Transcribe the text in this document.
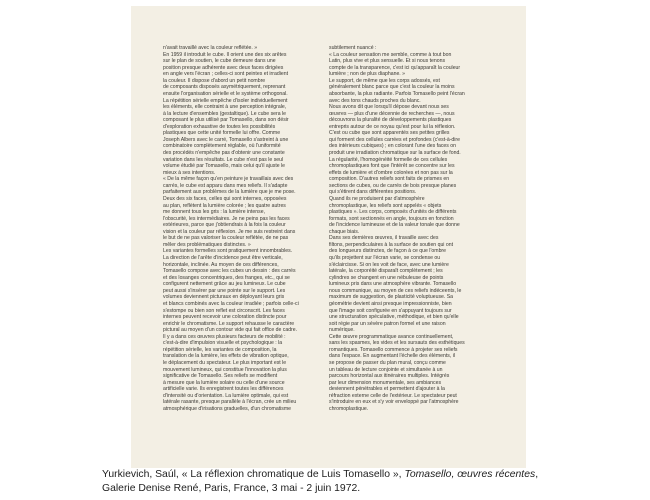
n'avait travaillé avec la couleur reflétée. »
En 1959 il introduit le cube. Il orient une des six arêtes
sur le plan de soutien, le cube demeure dans une
position presque adhérente avec deux faces dirigées
en angle vers l'écran ; celles-ci sont peintes et irradient
la couleur. Il dispose d'abord un petit nombre
de composants disposés asymétriquement, reprenant
ensuite l'organisation sérielle et le système orthogonal.
La répétition sérielle empêche d'isoler individuellement
les éléments, elle contraint à une perception intégrale,
à la lecture d'ensembles (gestaltique). Le cube sera le
composant le plus utilisé par Tomasello, dans son désir
d'exploration exhaustive de toutes les possibilités
plastiques que cette unité formelle lui offre. Comme
Joseph Albers avec le carré, Tomasello s'astreint à une
combinatoire complètement réglable, où l'uniformité
des procédés n'empêche pas d'obtenir une constante
variation dans les résultats. Le cube n'est pas le seul
volume étudié par Tomasello, mais celui qu'il ajuste le
mieux à ses intentions.
« De la même façon qu'en peinture je travaillais avec des
carrés, le cube est apparu dans mes reliefs. Il s'adapte
parfaitement aux problèmes de la lumière que je me pose.
Deux des six faces, celles qui sont internes, opposées
au plan, reflètent la lumière colorée ; les quatre autres
me donnent tous les gris : la lumière intense,
l'obscurité, les intermédiaires. Je ne peins pas les faces
extérieures, parce que j'obtiendrais à la fois la couleur
vision et la couleur par réflexion. Je me suis restreint dans
le but de ne pas valoriser la couleur reflétée, de ne pas
mêler des problématiques distinctes. »
Les variantes formelles sont pratiquement innombrables.
La direction de l'arête d'incidence peut être verticale,
horizontale, inclinée. Au moyen de ces différences,
Tomasello compose avec les cubes un dessin : des carrés
et des losanges concentriques, des franges, etc., qui se
configurent nettement grâce au jeu lumineux. Le cube
peut aussi s'insérer par une pointe sur le support. Les
volumes deviennent picturaux en déployant leurs gris
et blancs combinés avec la couleur irradiée ; parfois celle-ci
s'estompe ou bien son reflet est circonscrit. Les faces
internes peuvent recevoir une coloration distincte pour
enrichir le chromatisme. Le support rehausse le caractère
pictural au moyen d'un contour vide qui fait office de cadre.
Il y a dans ces œuvres plusieurs facteurs de mobilité :
c'est-à-dire d'impulsion visuelle et psychologique : la
répétition sérielle, les variantes de composition, la
translation de la lumière, les effets de vibration optique,
le déplacement du spectateur. Le plus important est le
mouvement lumineux, qui constitue l'innovation la plus
significative de Tomasello. Ses reliefs se modifient
à mesure que la lumière solaire ou celle d'une source
artificielle varie. Ils enregistrent toutes les différences
d'intensité ou d'orientation. La lumière optimale, qui est
latérale rasante, presque parallèle à l'écran, crée un milieu
atmosphérique d'irisations graduelles, d'un chromatisme
subtilement nuancé :
« La couleur sensation me semble, comme à tout bon
Latin, plus vive et plus sensuelle. Et si nous tenons
compte de la transparence, c'est ici qu'apparaît la couleur
lumière ; non de plus diaphane. »
Le support, de même que les corps adossés, est
généralement blanc parce que c'est la couleur la moins
absorbante, la plus radiante. Parfois Tomasello peint l'écran
avec des tons chauds proches du blanc.
Nous avons dit que lorsqu'il dépose devant nous ses
œuvres — plus d'une décennie de recherches —, nous
découvrons la pluralité de développements plastiques
entrepris autour de ce noyau qu'est pour lui la réflexion.
C'est ou cube que sont apparentés ses petites grilles
qui forment des cellules carrées et profondes (c'est-à-dire
des intérieurs cubiques) ; en colorant l'une des faces on
produit une irradiation chromatique sur la surface de fond.
La régularité, l'homogénéité formelle de ces cellules
chromoplastiques font que l'intérêt se concentre sur les
effets de lumière et d'ombre colorées et non pas sur la
composition. D'autres reliefs sont faits de prismes en
sections de cubes, ou de carrés de bois presque planes
qui s'étirent dans différentes positions.
Quand ils ne produisent par d'atmosphère
chromoplastique, les reliefs sont appelés « objets
plastiques ». Les corps, composés d'unités de différents
formats, sont sectionnés en angle, toujours en fonction
de l'incidence lumineuse et de la valeur tonale que donne
chaque biais.
Dans ses dernières œuvres, il travaille avec des
filtons, perpendiculaires à la surface de soutien qui ont
des longueurs distinctes, de façon à ce que l'ombre
qu'ils projettent sur l'écran varie, se condense ou
s'éclaircisse. Si on les voit de face, avec une lumière
latérale, la corporéité disparaît complètement ; les
cylindres se changent en une nébuleuse de points
lumineux pris dans une atmosphère vibrante. Tomasello
nous communique, au moyen de ces reliefs indéceents, le
maximum de suggestion, de plasticité voluptueuse. Sa
géométrie devient ainsi presque impressionniste, bien
que l'image soit configurée en s'appuyant toujours sur
une structuration spéculative, méthodique, et bien qu'elle
soit régie par un sévère patron formel et une raison
numérique.
Cette œuvre programmatique avance continuellement,
sans les spasmes, les vides et les sursauts des esthétiques
romantiques. Tomasello commence à projeter ses reliefs
dans l'espace. En augmentant l'échelle des éléments, il
se propose de passer du plan mural, conçu comme
un tableau de lecture conjointe et simultanée à un
parcours horizontal aux itinéraires multiples. Intégrés
par leur dimension monumentale, ses ambiances
deviennent pénétrables et permettent d'ajouter à la
réfraction externe celle de l'extérieur. Le spectateur peut
s'introduire en eux et s'y voir enveloppé par l'atmosphère
chromoplastique.
Yurkievich, Saúl, « La réflexion chromatique de Luis Tomasello », Tomasello, œuvres récentes,
Galerie Denise René, Paris, France, 3 mai - 2 juin 1972.
